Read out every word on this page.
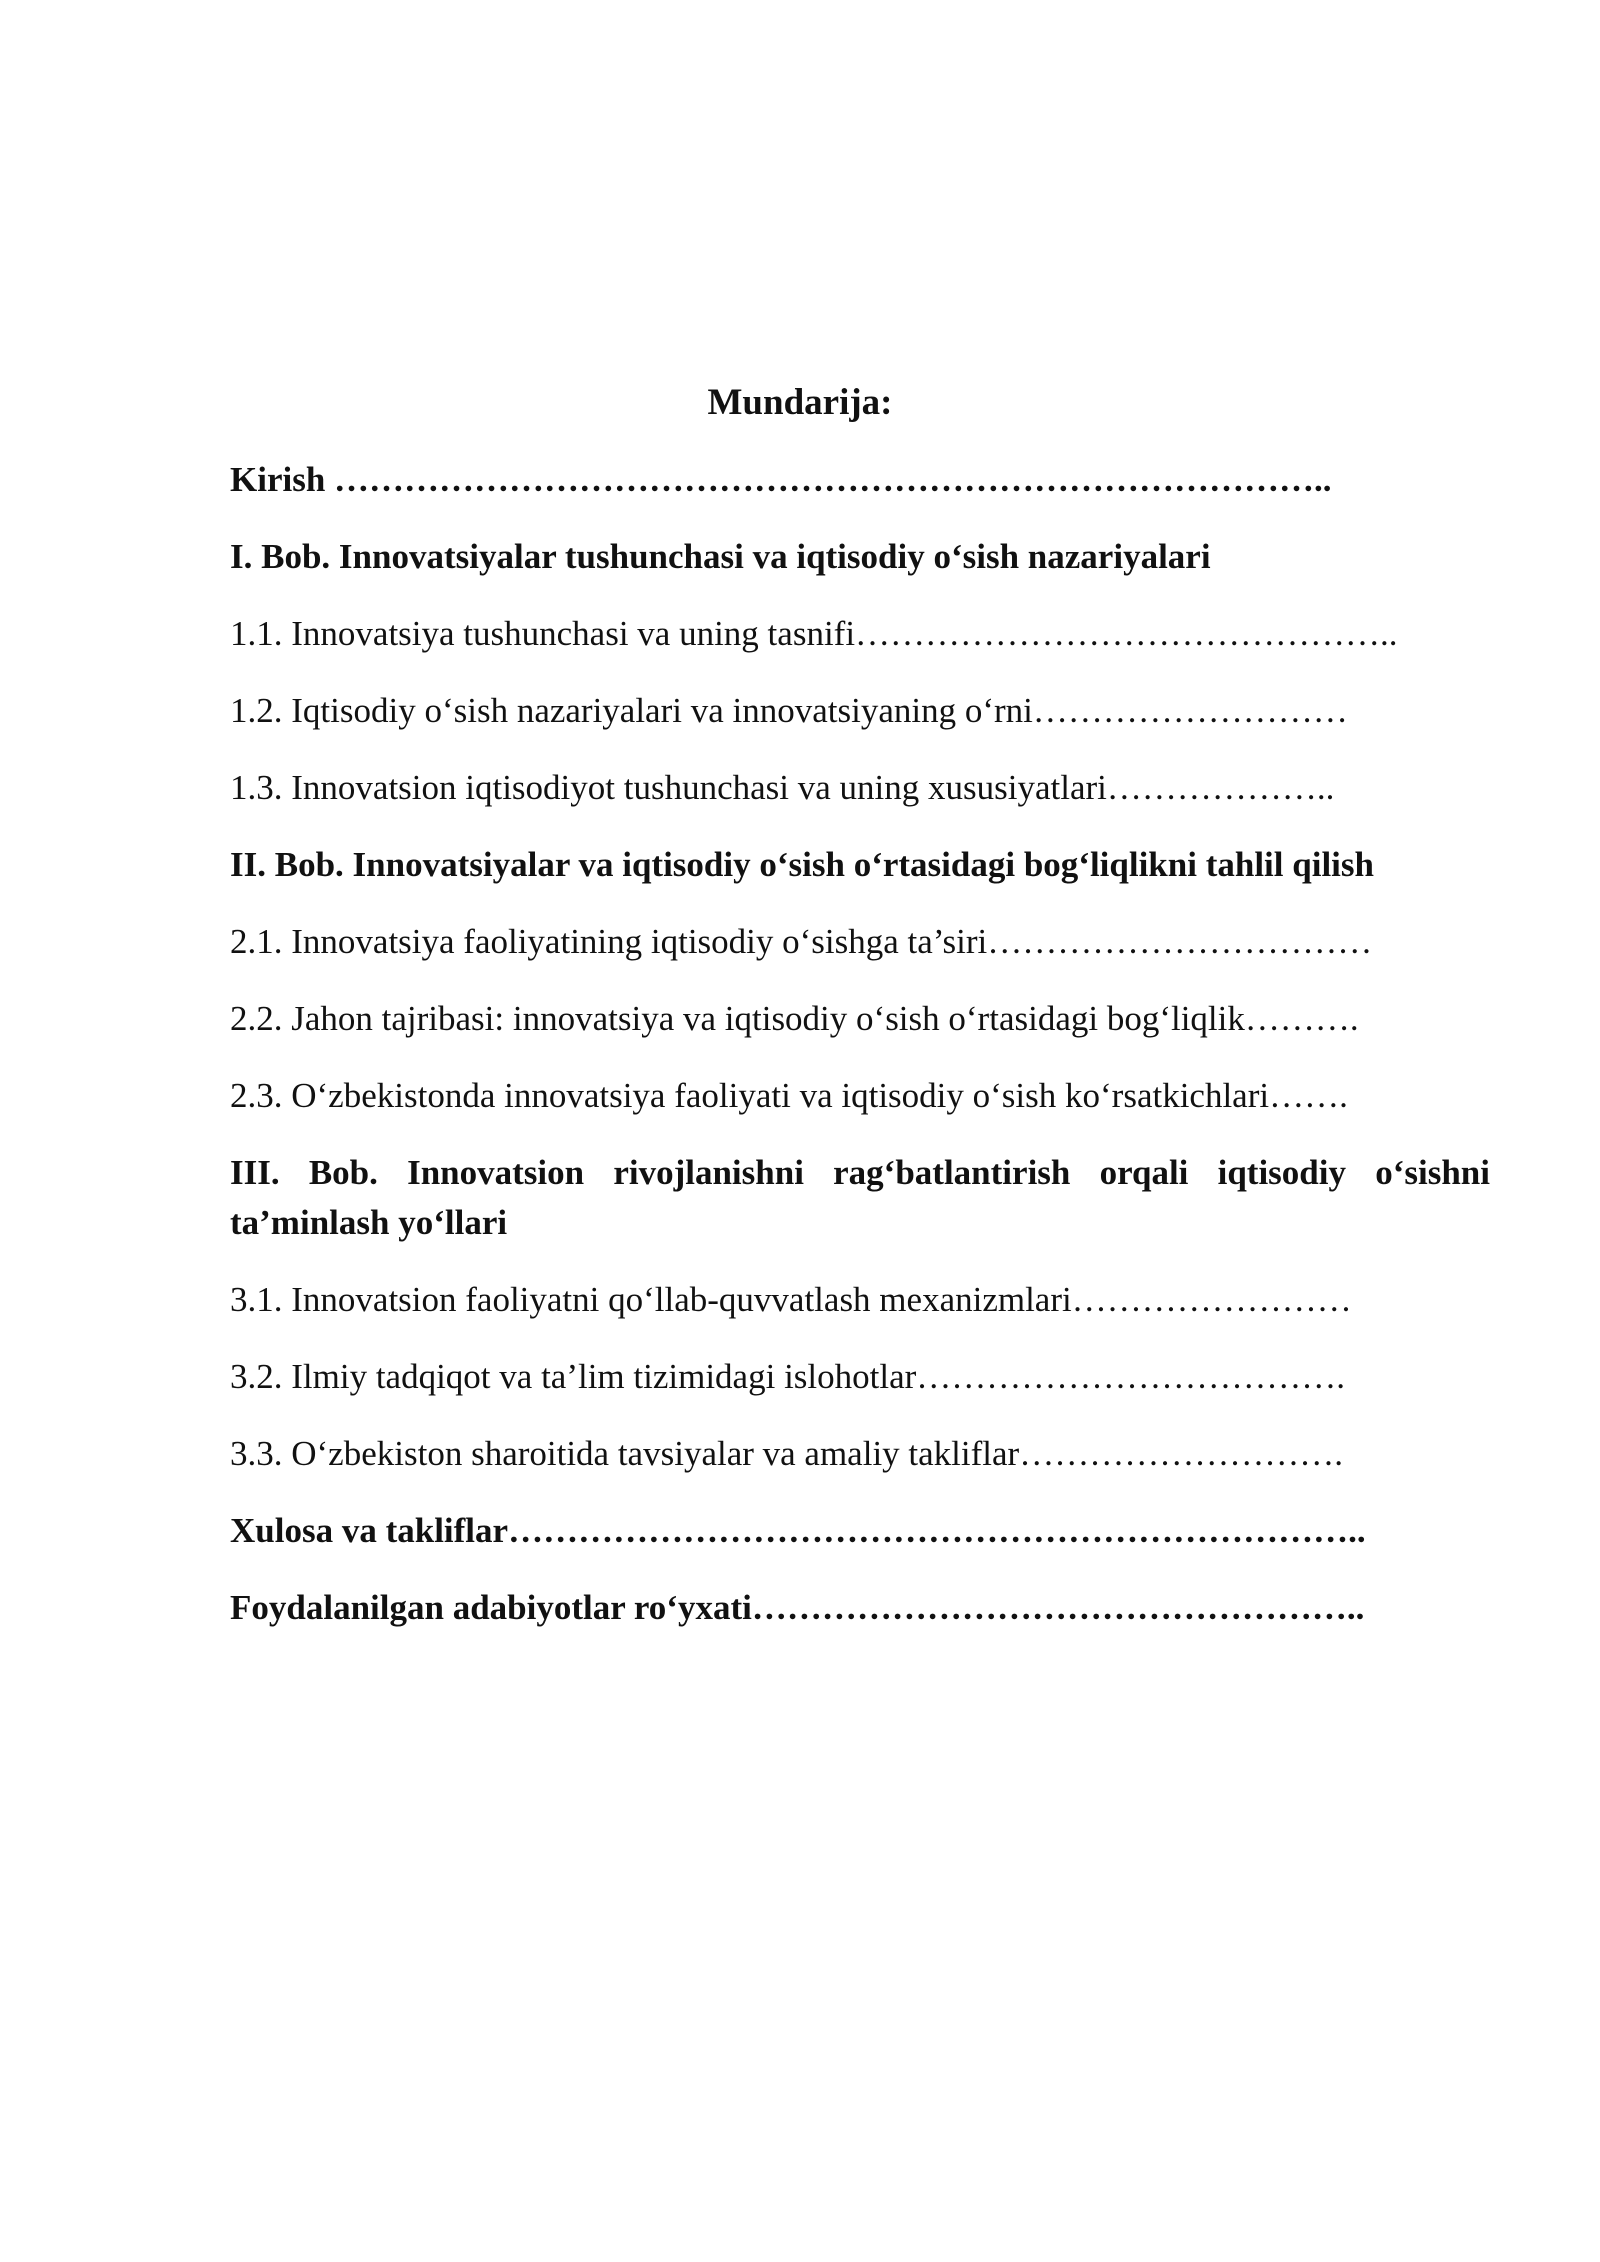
Mundarija:
Kirish …………………………………………………………………………..
I. Bob. Innovatsiyalar tushunchasi va iqtisodiy o‘sish nazariyalari
1.1. Innovatsiya tushunchasi va uning tasnifi………………………………………..
1.2. Iqtisodiy o‘sish nazariyalari va innovatsiyaning o‘rni………………………
1.3. Innovatsion iqtisodiyot tushunchasi va uning xususiyatlari………………..
II. Bob. Innovatsiyalar va iqtisodiy o‘sish o‘rtasidagi bog‘liqlikni tahlil qilish
2.1. Innovatsiya faoliyatining iqtisodiy o‘sishga ta’siri……………………………
2.2. Jahon tajribasi: innovatsiya va iqtisodiy o‘sish o‘rtasidagi bog‘liqlik……….
2.3. O‘zbekistonda innovatsiya faoliyati va iqtisodiy o‘sish ko‘rsatkichlari…….
III. Bob. Innovatsion rivojlanishni rag‘batlantirish orqali iqtisodiy o‘sishni ta’minlash yo‘llari
3.1. Innovatsion faoliyatni qo‘llab-quvvatlash mexanizmlari……………………
3.2. Ilmiy tadqiqot va ta’lim tizimidagi islohotlar……………………………….
3.3. O‘zbekiston sharoitida tavsiyalar va amaliy takliflar……………………….
Xulosa va takliflar………………………………………………………………..
Foydalanilgan adabiyotlar ro‘yxati……………………………………………..
